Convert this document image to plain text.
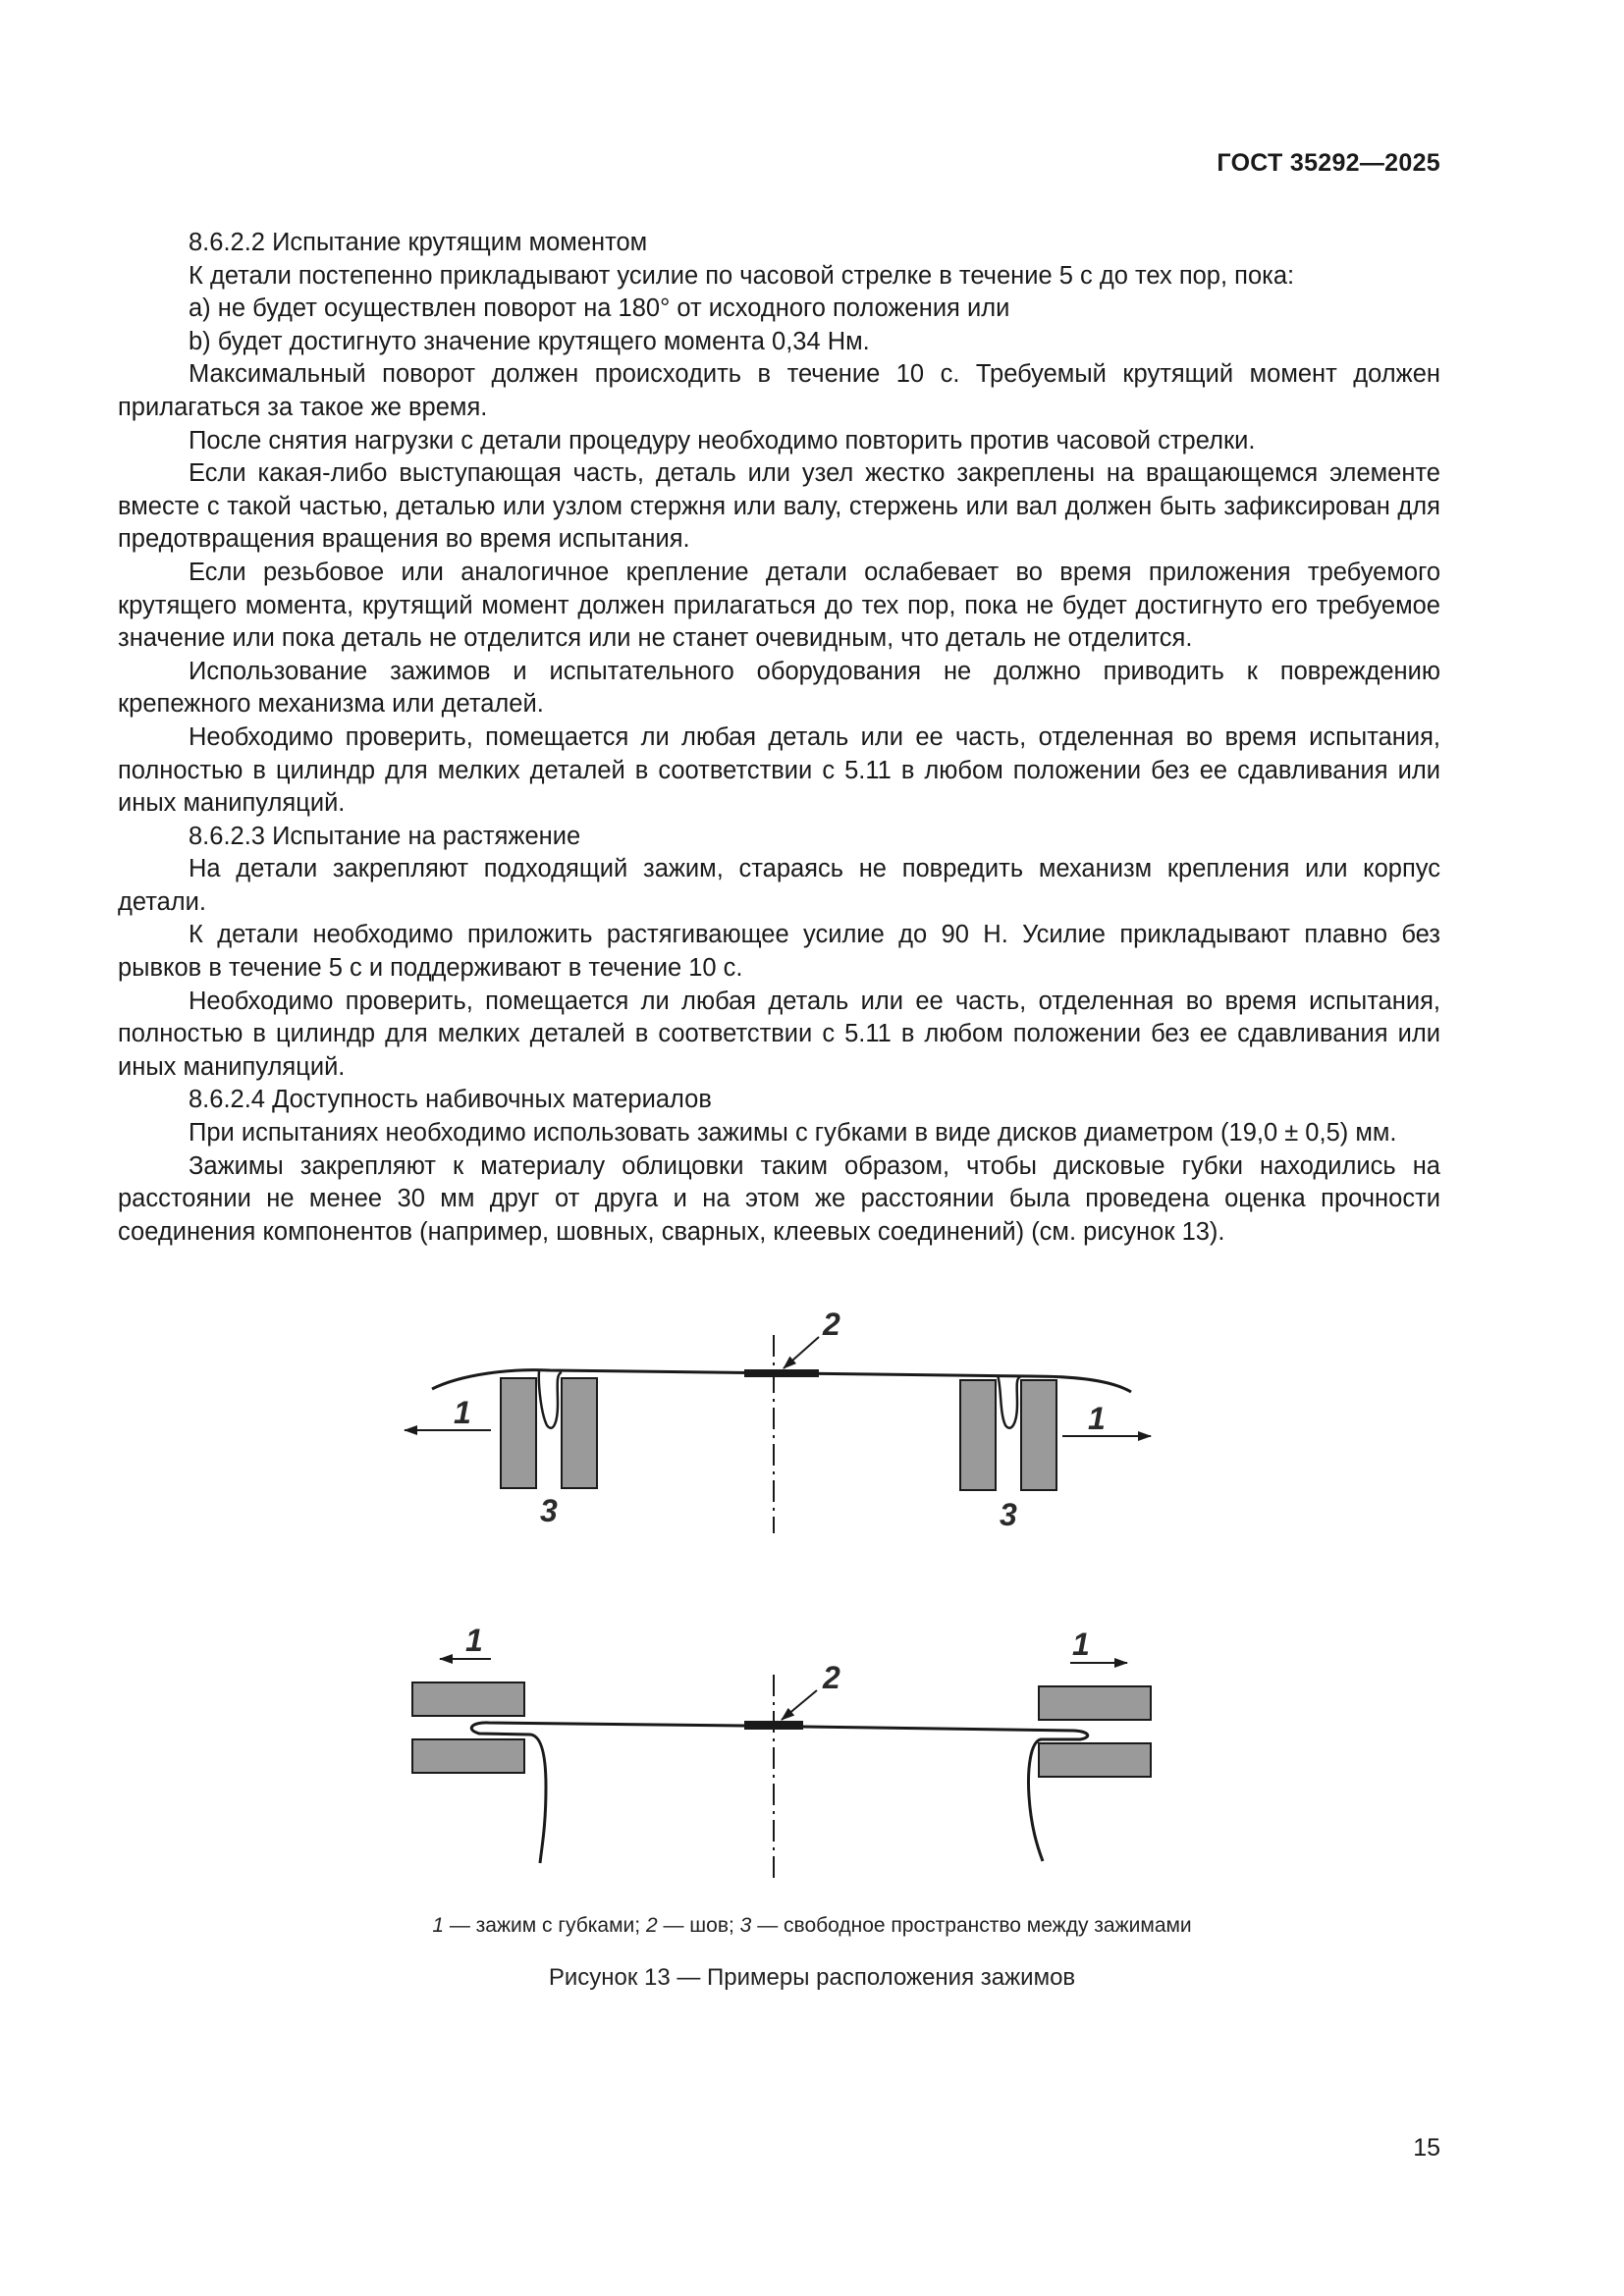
ГОСТ 35292—2025

8.6.2.2 Испытание крутящим моментом

К детали постепенно прикладывают усилие по часовой стрелке в течение 5 с до тех пор, пока:

a) не будет осуществлен поворот на 180° от исходного положения или

b) будет достигнуто значение крутящего момента 0,34 Нм.

Максимальный поворот должен происходить в течение 10 с. Требуемый крутящий момент должен прилагаться за такое же время.

После снятия нагрузки с детали процедуру необходимо повторить против часовой стрелки.

Если какая-либо выступающая часть, деталь или узел жестко закреплены на вращающемся элементе вместе с такой частью, деталью или узлом стержня или валу, стержень или вал должен быть зафиксирован для предотвращения вращения во время испытания.

Если резьбовое или аналогичное крепление детали ослабевает во время приложения требуемого крутящего момента, крутящий момент должен прилагаться до тех пор, пока не будет достигнуто его требуемое значение или пока деталь не отделится или не станет очевидным, что деталь не отделится.

Использование зажимов и испытательного оборудования не должно приводить к повреждению крепежного механизма или деталей.

Необходимо проверить, помещается ли любая деталь или ее часть, отделенная во время испытания, полностью в цилиндр для мелких деталей в соответствии с 5.11 в любом положении без ее сдавливания или иных манипуляций.

8.6.2.3 Испытание на растяжение

На детали закрепляют подходящий зажим, стараясь не повредить механизм крепления или корпус детали.

К детали необходимо приложить растягивающее усилие до 90 Н. Усилие прикладывают плавно без рывков в течение 5 с и поддерживают в течение 10 с.

Необходимо проверить, помещается ли любая деталь или ее часть, отделенная во время испытания, полностью в цилиндр для мелких деталей в соответствии с 5.11 в любом положении без ее сдавливания или иных манипуляций.

8.6.2.4 Доступность набивочных материалов

При испытаниях необходимо использовать зажимы с губками в виде дисков диаметром (19,0 ± 0,5) мм.

Зажимы закрепляют к материалу облицовки таким образом, чтобы дисковые губки находились на расстоянии не менее 30 мм друг от друга и на этом же расстоянии была проведена оценка прочности соединения компонентов (например, шовных, сварных, клеевых соединений) (см. рисунок 13).

1	1
2
3	3
1	1
2
1 — зажим с губками; 2 — шов; 3 — свободное пространство между зажимами
Рисунок 13 — Примеры расположения зажимов
15
